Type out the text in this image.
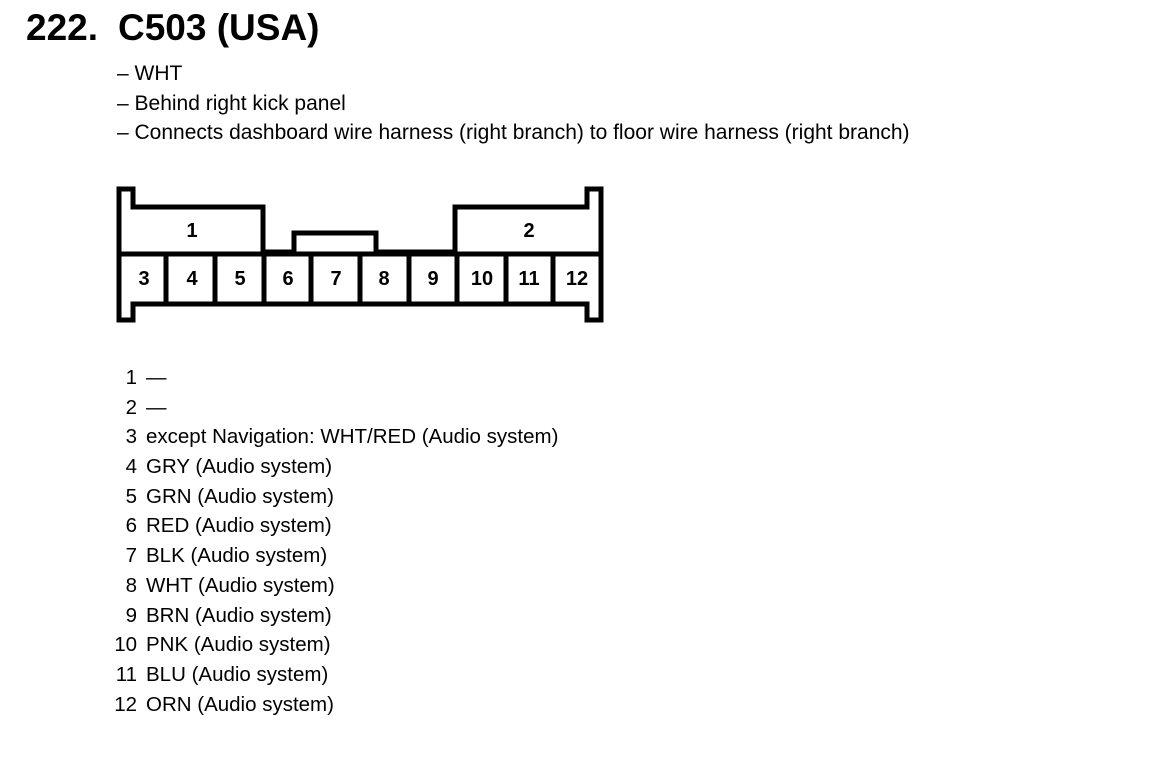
222. C503 (USA)
– WHT
– Behind right kick panel
– Connects dashboard wire harness (right branch) to floor wire harness (right branch)
1	2
3 4 5 6 7 8 9 10 11 12
1 —
2 —
3 except Navigation: WHT/RED (Audio system)
4 GRY (Audio system)
5 GRN (Audio system)
6 RED (Audio system)
7 BLK (Audio system)
8 WHT (Audio system)
9 BRN (Audio system)
10 PNK (Audio system)
11 BLU (Audio system)
12 ORN (Audio system)
